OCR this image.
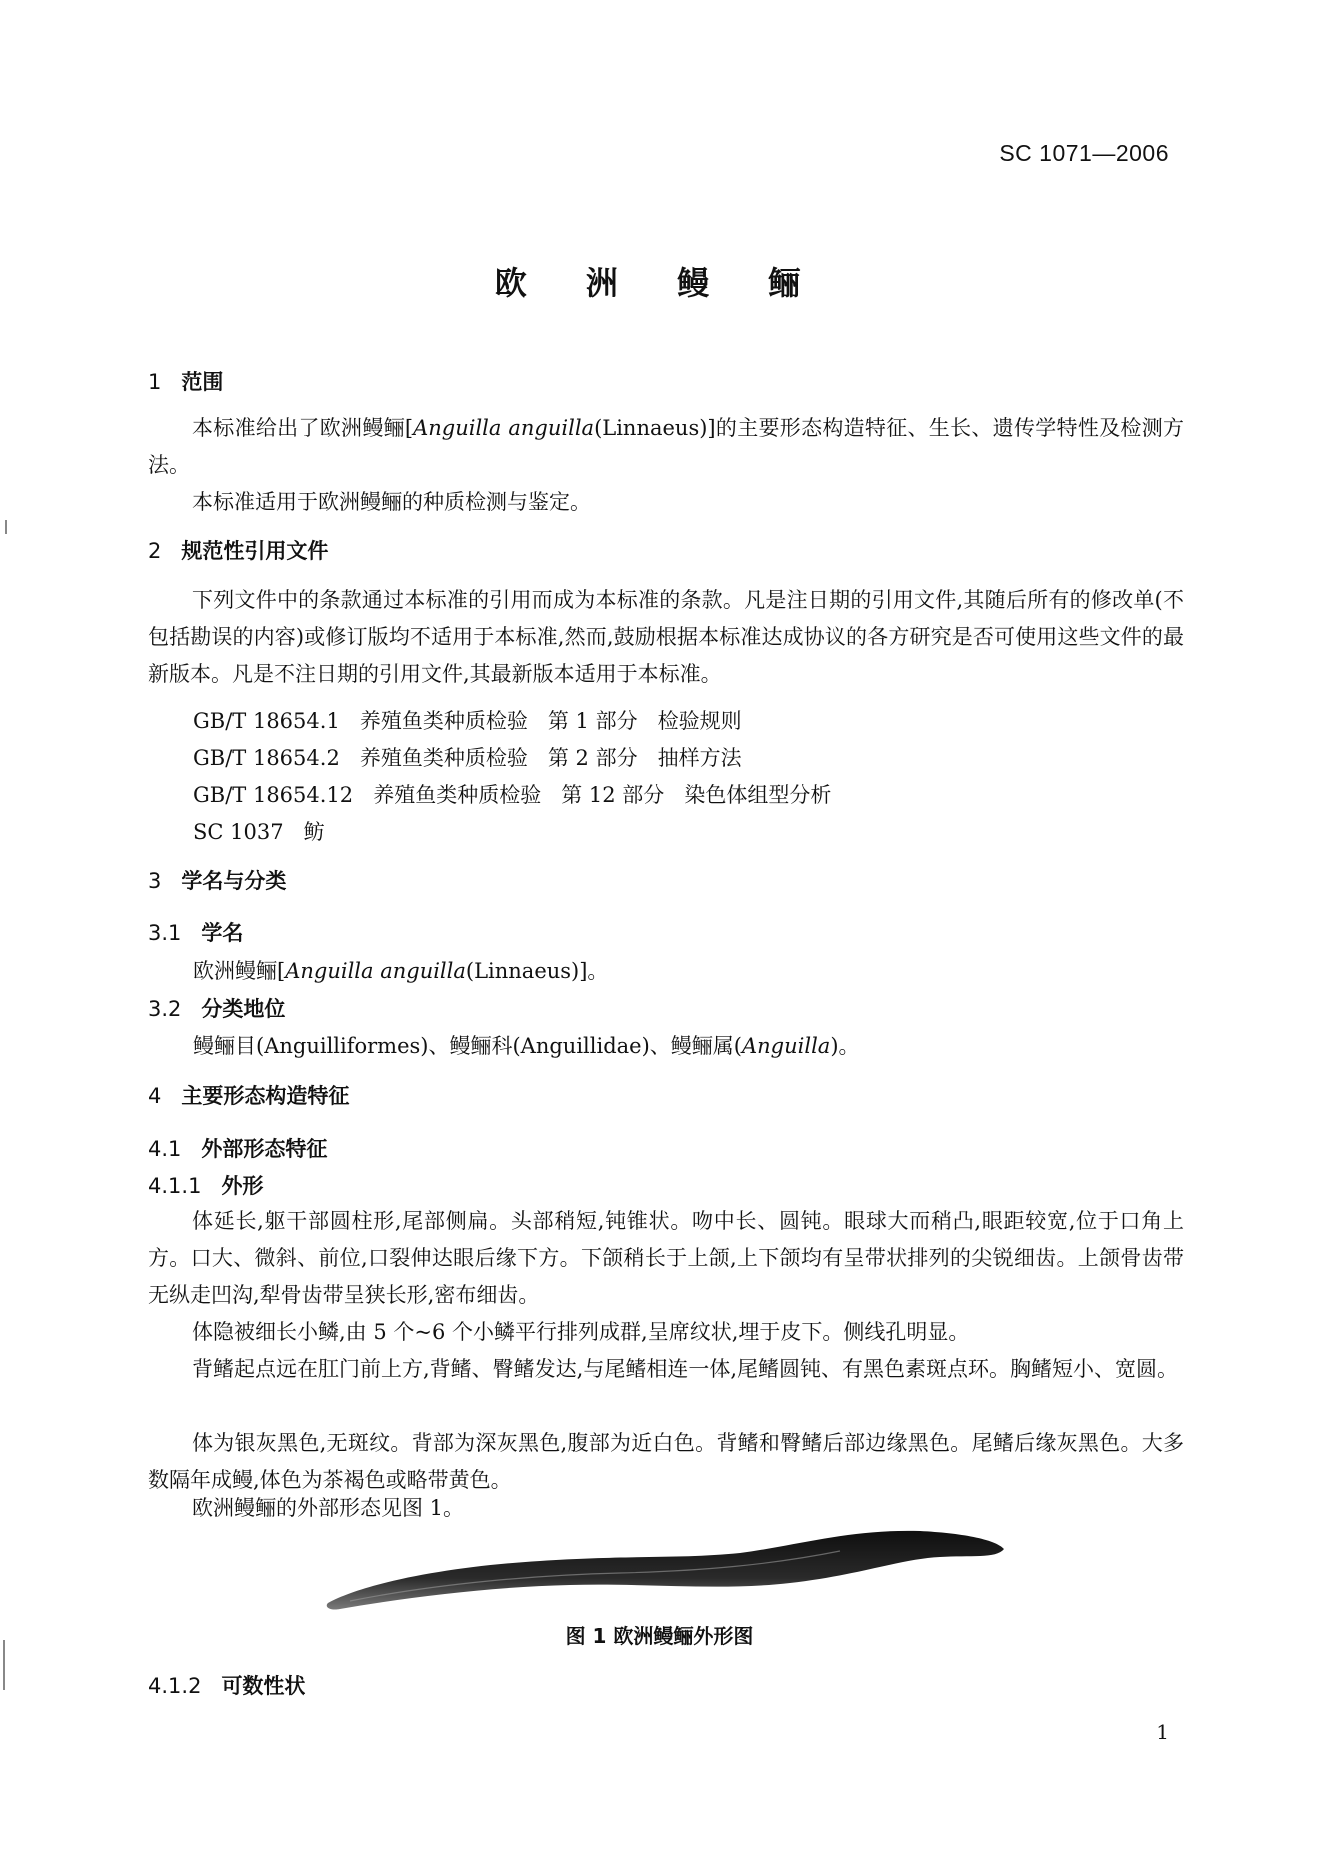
SC 1071—2006
欧 洲 鳗 鲡
1 范围
本标准给出了欧洲鳗鲡[Anguilla anguilla(Linnaeus)]的主要形态构造特征、生长、遗传学特性及检测方法。
本标准适用于欧洲鳗鲡的种质检测与鉴定。
2 规范性引用文件
下列文件中的条款通过本标准的引用而成为本标准的条款。凡是注日期的引用文件,其随后所有的修改单(不包括勘误的内容)或修订版均不适用于本标准,然而,鼓励根据本标准达成协议的各方研究是否可使用这些文件的最新版本。凡是不注日期的引用文件,其最新版本适用于本标准。
GB/T 18654.1   养殖鱼类种质检验   第 1 部分   检验规则
GB/T 18654.2   养殖鱼类种质检验   第 2 部分   抽样方法
GB/T 18654.12   养殖鱼类种质检验   第 12 部分   染色体组型分析
SC 1037   鲂
3 学名与分类
3.1 学名
欧洲鳗鲡[Anguilla anguilla(Linnaeus)]。
3.2 分类地位
鳗鲡目(Anguilliformes)、鳗鲡科(Anguillidae)、鳗鲡属(Anguilla)。
4 主要形态构造特征
4.1 外部形态特征
4.1.1 外形
体延长,躯干部圆柱形,尾部侧扁。头部稍短,钝锥状。吻中长、圆钝。眼球大而稍凸,眼距较宽,位于口角上方。口大、微斜、前位,口裂伸达眼后缘下方。下颌稍长于上颌,上下颌均有呈带状排列的尖锐细齿。上颌骨齿带无纵走凹沟,犁骨齿带呈狭长形,密布细齿。
体隐被细长小鳞,由 5 个~6 个小鳞平行排列成群,呈席纹状,埋于皮下。侧线孔明显。
背鳍起点远在肛门前上方,背鳍、臀鳍发达,与尾鳍相连一体,尾鳍圆钝、有黑色素斑点环。胸鳍短小、宽圆。
体为银灰黑色,无斑纹。背部为深灰黑色,腹部为近白色。背鳍和臀鳍后部边缘黑色。尾鳍后缘灰黑色。大多数隔年成鳗,体色为茶褐色或略带黄色。
欧洲鳗鲡的外部形态见图 1。
图 1 欧洲鳗鲡外形图
4.1.2 可数性状
1
